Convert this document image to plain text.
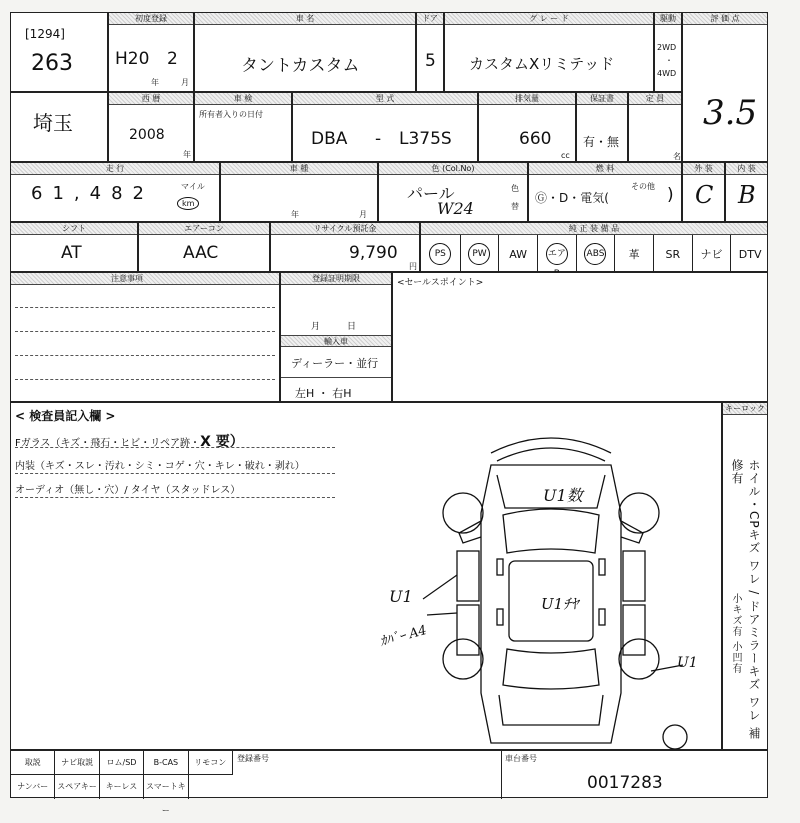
[1294]
263
初度登録
H20 2
年	月
車 名
タントカスタム
ドア
5
グ レ ー ド
カスタムXリミテッド
駆動
2WD
・
4WD
評 価 点
3.5
埼玉
西 暦
2008
年
車 検
所有者入りの日付
型 式
DBA - L375S
排気量
660
cc
保証書
有・無
定 員
名
走 行
61,482	マイル
km
車 種
年	月
色 (Col.No)
パール
W24
色
替
燃 料
Ⓖ・D・電気(
その他 )
外 装
C
内 装
B
シフト
AT
エアーコン
AAC
リサイクル預託金
9,790
円
純 正 装 備 品
PS	PW	AW エア ABS 革 SR ナビ DTV
注意事項	登録証明期限
月　　　日
輸入車
ディーラー・並行
左H ・ 右H
<セールスポイント>
< 検査員記入欄 >
Fガラス（キズ・飛石・ヒビ・リペア跡・X 要）
内装（キズ・スレ・汚れ・シミ・コゲ・穴・キレ・破れ・剥れ）
オーディオ（無し・穴）/ タイヤ（スタッドレス）	U1数
U1	U1ﾁﾔ
ｶﾊﾞｰ A4
U1
キーロック
ホイル・CPキズ ワレ / ドアミラーキズ ワレ 補修有
小キズ有 小凹有
取説	ナビ取説	ロム/SD	B-CAS	リモコン
ナンバー	スペアキー	キーレス	スマートキー
登録番号	車台番号
0017283
